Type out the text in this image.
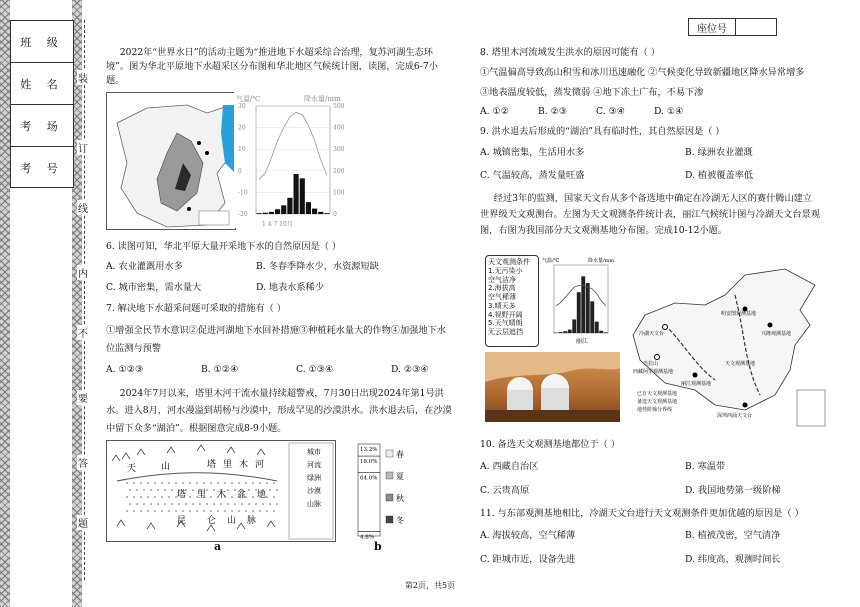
班 级
姓 名
考 场
考 号
装
订
线
内
不
要
答
题
座位号

2022年“世界水日”的活动主题为“推进地下水超采综合治理，复苏河湖生态环境”。图为华北平原地下水超采区分布图和华北地区气候统计图，读图，完成6-7小题。

气温/℃	降水量/mm
1 4 7 10月
30
20
10
0
-10
-20
500
400
300
200
100
0

6. 读图可知，华北平原大量开采地下水的自然原因是（ ）

A. 农业灌溉用水多	B. 冬春季降水少，水资源短缺
C. 城市密集，需水量大	D. 地表水系稀少

7. 解决地下水超采问题可采取的措施有（ ）

①增强全民节水意识②促进河湖地下水回补措施③种植耗水量大的作物④加强地下水位监测与预警

A. ①②③	B. ①②④	C. ①③④	D. ②③④

2024年7月以来，塔里木河干流水量持续超警戒，7月30日出现2024年第1号洪水。进入8月，河水漫溢到胡杨与沙漠中，形成罕见的沙漠洪水。洪水退去后，在沙漠中留下众多“湖泊”。根据图意完成8-9小题。

天	山
塔 里 木 盆 地
昆 仑 山 脉
塔 里 木 河
城市
河流
绿洲
沙漠
山脉
a
13.2%
18.0%
64.0%
4.8%
春
夏
秋
冬
b

8. 塔里木河流域发生洪水的原因可能有（ ）

①气温偏高导致高山积雪和冰川迅速融化 ②气候变化导致新疆地区降水异常增多

③地表温度较低，蒸发微弱 ④地下冻土广布，不易下渗

A. ①②	B. ②③	C. ③④	D. ①④

9. 洪水退去后形成的“湖泊”具有临时性，其自然原因是（ ）

A. 城镇密集，生活用水多	B. 绿洲农业灌溉
C. 气温较高，蒸发量旺盛	D. 植被覆盖率低

经过3年的监测，国家天文台从多个备选地中确定在冷湖无人区的赛什腾山建立世界级天文观测台。左图为天文观测条件统计表，丽江气候统计图与冷湖天文台景观图，右图为我国部分天文观测基地分布图。完成10-12小题。

天文观测条件
1.无污染小
空气洁净
2.海拔高
空气稀薄
3.晴天多
4.视野开阔
5.天气晴朗
无云层遮挡
气温/℃	降水量/mm
丽江
冷湖天文台
明安图观测基地
当拉山
兴隆观测基地
西藏阿里观测基地
丽江观测基地
深圳西涌天文台
天文观测基地
已有天文观测基地
备选天文观测基地
地势阶梯分界线

10. 备选天文观测基地都位于（ ）

A. 西藏自治区	B. 寒温带
C. 云贵高原	D. 我国地势第一级阶梯

11. 与东部观测基地相比，冷湖天文台进行天文观测条件更加优越的原因是（ ）

A. 海拔较高，空气稀薄	B. 植被茂密，空气清净
C. 距城市近，设备先进	D. 纬度高，观测时间长
第2页，共5页
